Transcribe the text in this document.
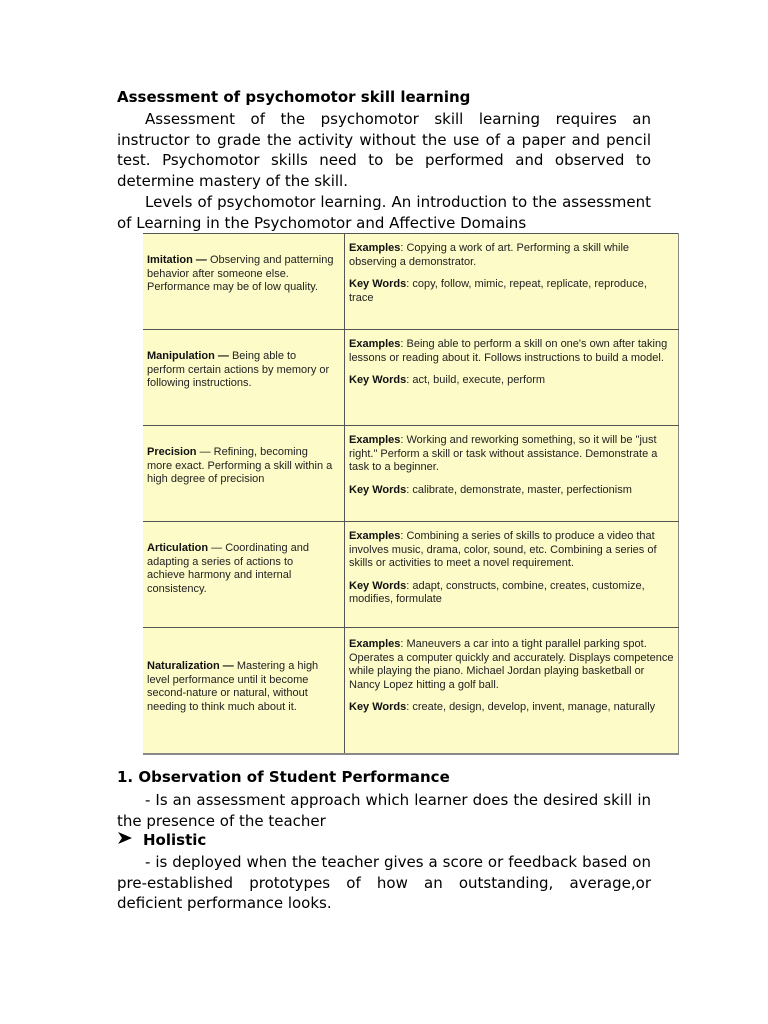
Assessment of psychomotor skill learning

Assessment of the psychomotor skill learning requires an instructor to grade the activity without the use of a paper and pencil test. Psychomotor skills need to be performed and observed to determine mastery of the skill.

Levels of psychomotor learning. An introduction to the assessment of Learning in the Psychomotor and Affective Domains

Imitation — Observing and patterning behavior after someone else. Performance may be of low quality.	Examples: Copying a work of art. Performing a skill while observing a demonstrator.
Key Words: copy, follow, mimic, repeat, replicate, reproduce, trace

Manipulation — Being able to perform certain actions by memory or following instructions.	Examples: Being able to perform a skill on one's own after taking lessons or reading about it. Follows instructions to build a model.
Key Words: act, build, execute, perform

Precision — Refining, becoming more exact. Performing a skill within a high degree of precision	Examples: Working and reworking something, so it will be "just right." Perform a skill or task without assistance. Demonstrate a task to a beginner.
Key Words: calibrate, demonstrate, master, perfectionism

Articulation — Coordinating and adapting a series of actions to achieve harmony and internal consistency.	Examples: Combining a series of skills to produce a video that involves music, drama, color, sound, etc. Combining a series of skills or activities to meet a novel requirement.
Key Words: adapt, constructs, combine, creates, customize, modifies, formulate

Naturalization — Mastering a high level performance until it become second-nature or natural, without needing to think much about it.	Examples: Maneuvers a car into a tight parallel parking spot. Operates a computer quickly and accurately. Displays competence while playing the piano. Michael Jordan playing basketball or Nancy Lopez hitting a golf ball.
Key Words: create, design, develop, invent, manage, naturally

1. Observation of Student Performance

- Is an assessment approach which learner does the desired skill in the presence of the teacher

Holistic

- is deployed when the teacher gives a score or feedback based on pre-established prototypes of how an outstanding, average,or deficient performance looks.
